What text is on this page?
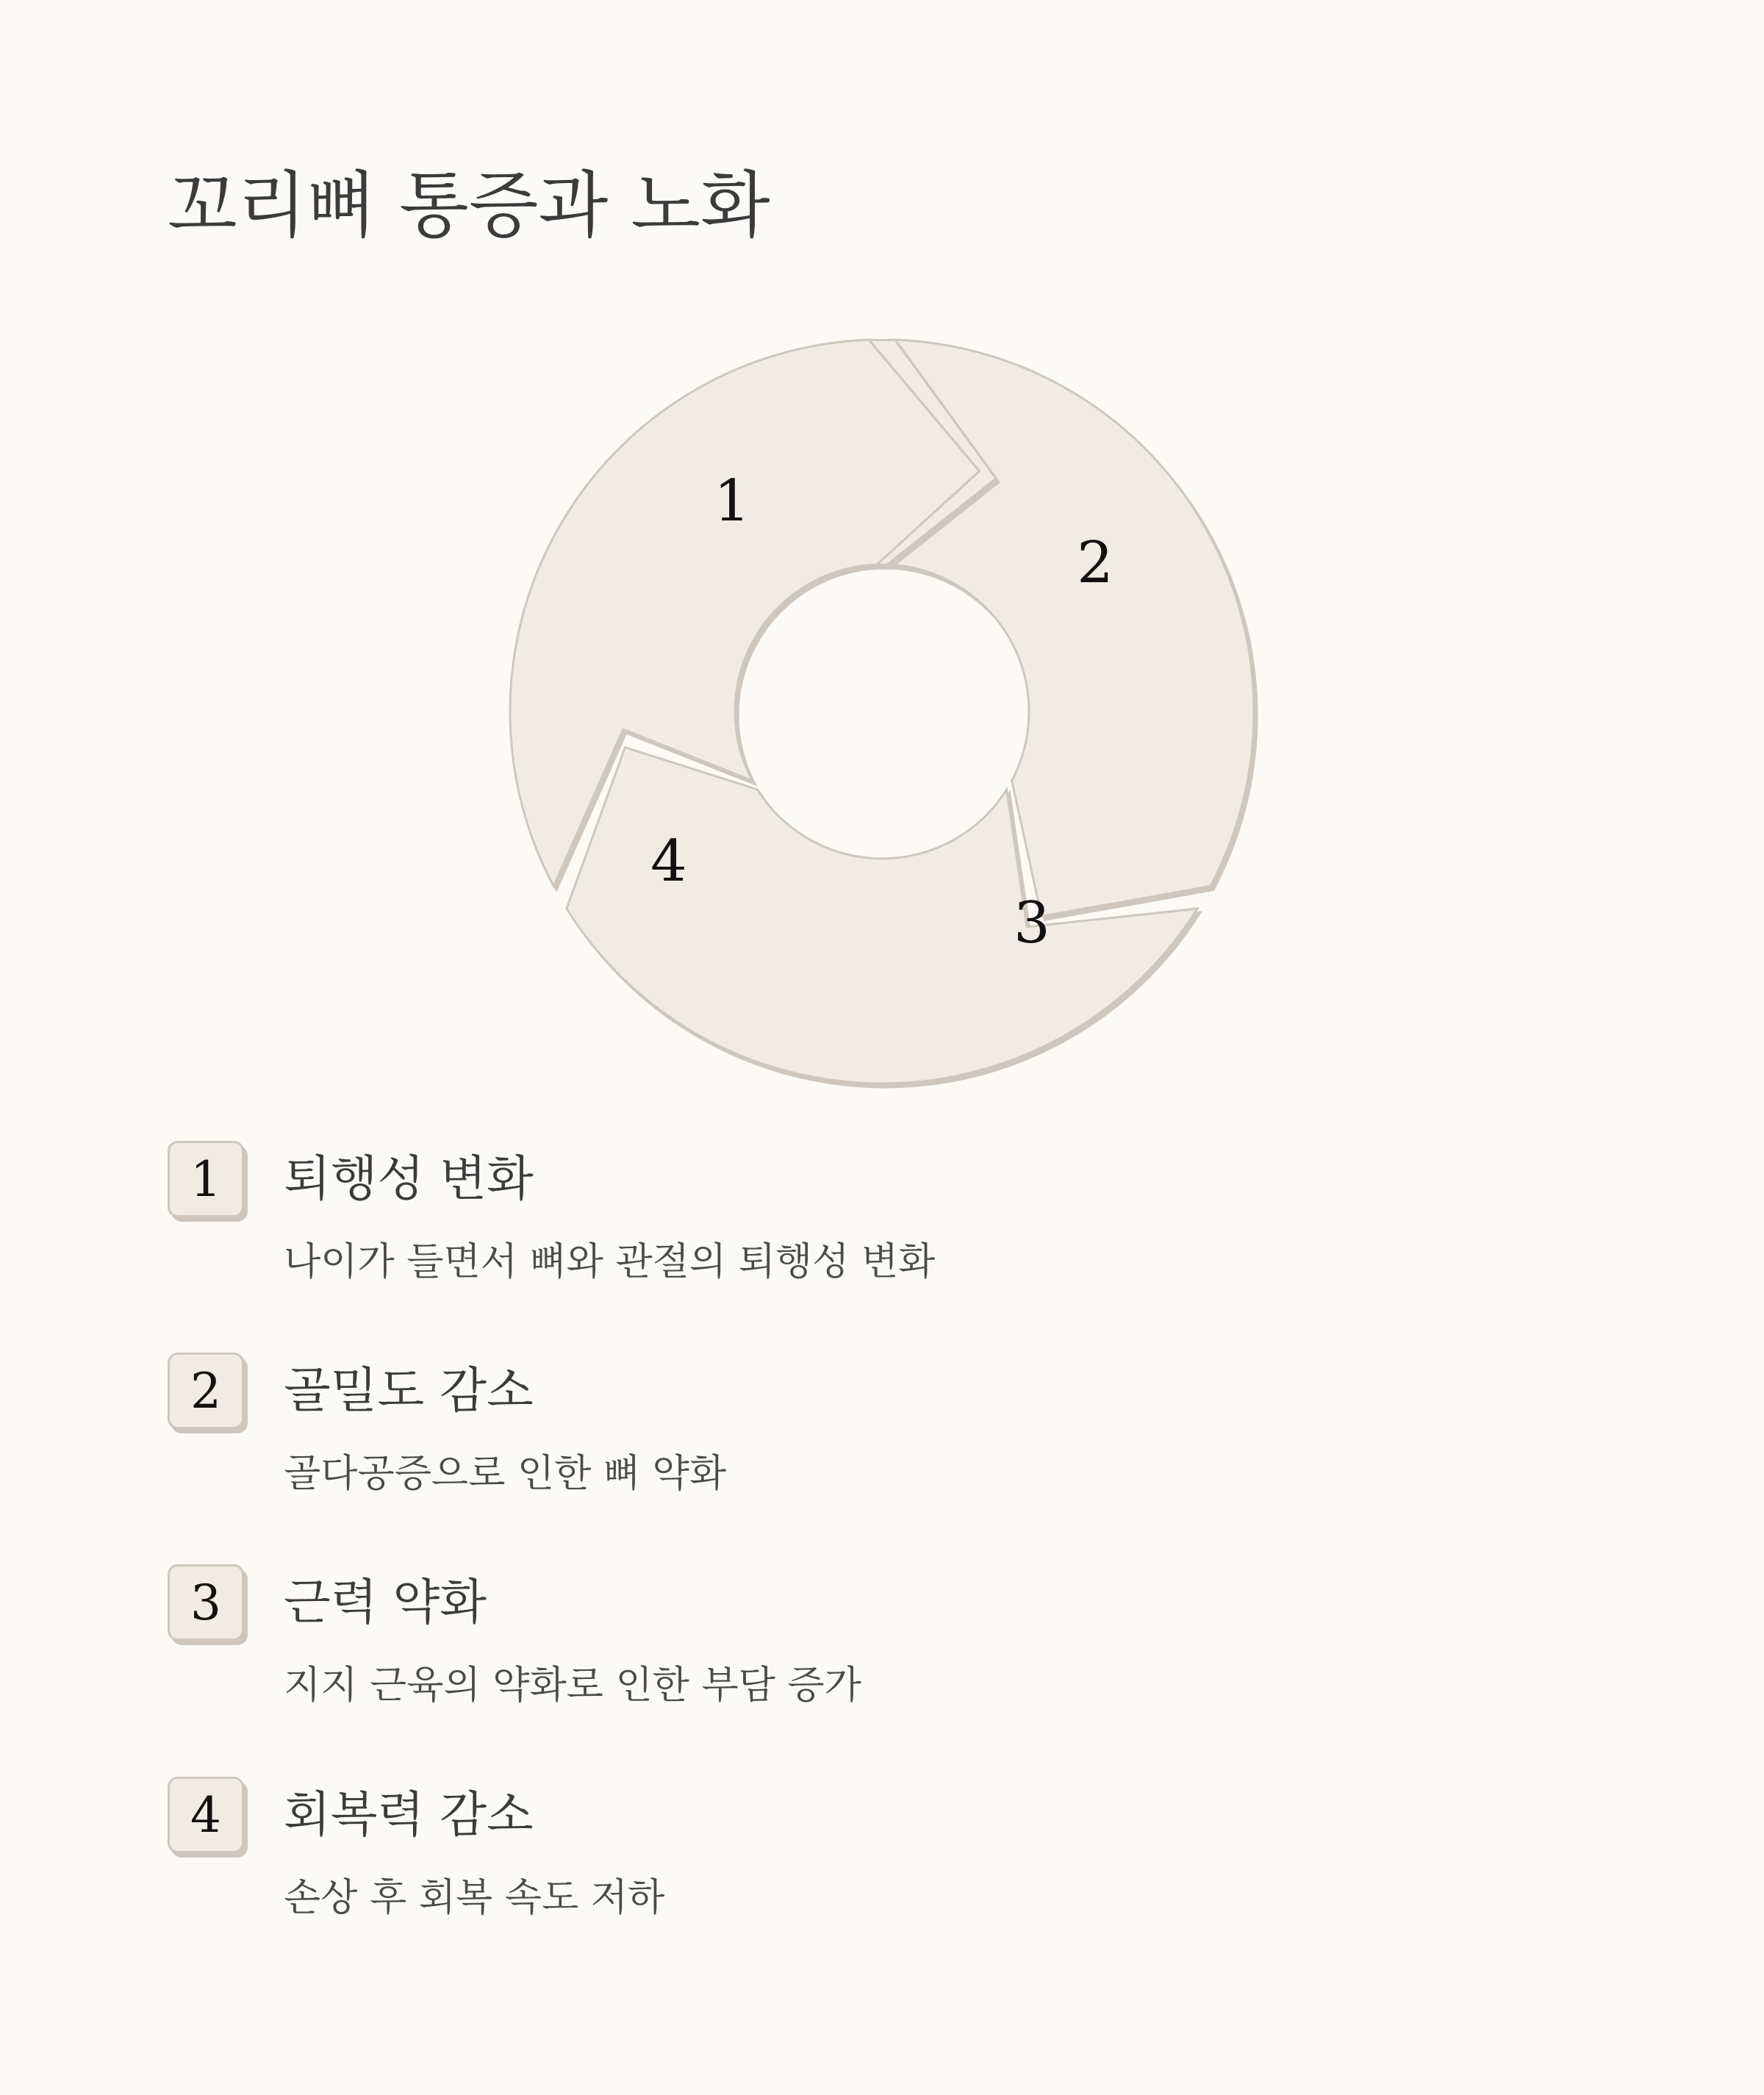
꼬리뼈 통증과 노화
1
2
3
4
1	퇴행성 변화
나이가 들면서 뼈와 관절의 퇴행성 변화
2	골밀도 감소
골다공증으로 인한 뼈 약화
3	근력 약화
지지 근육의 약화로 인한 부담 증가
4	회복력 감소
손상 후 회복 속도 저하
